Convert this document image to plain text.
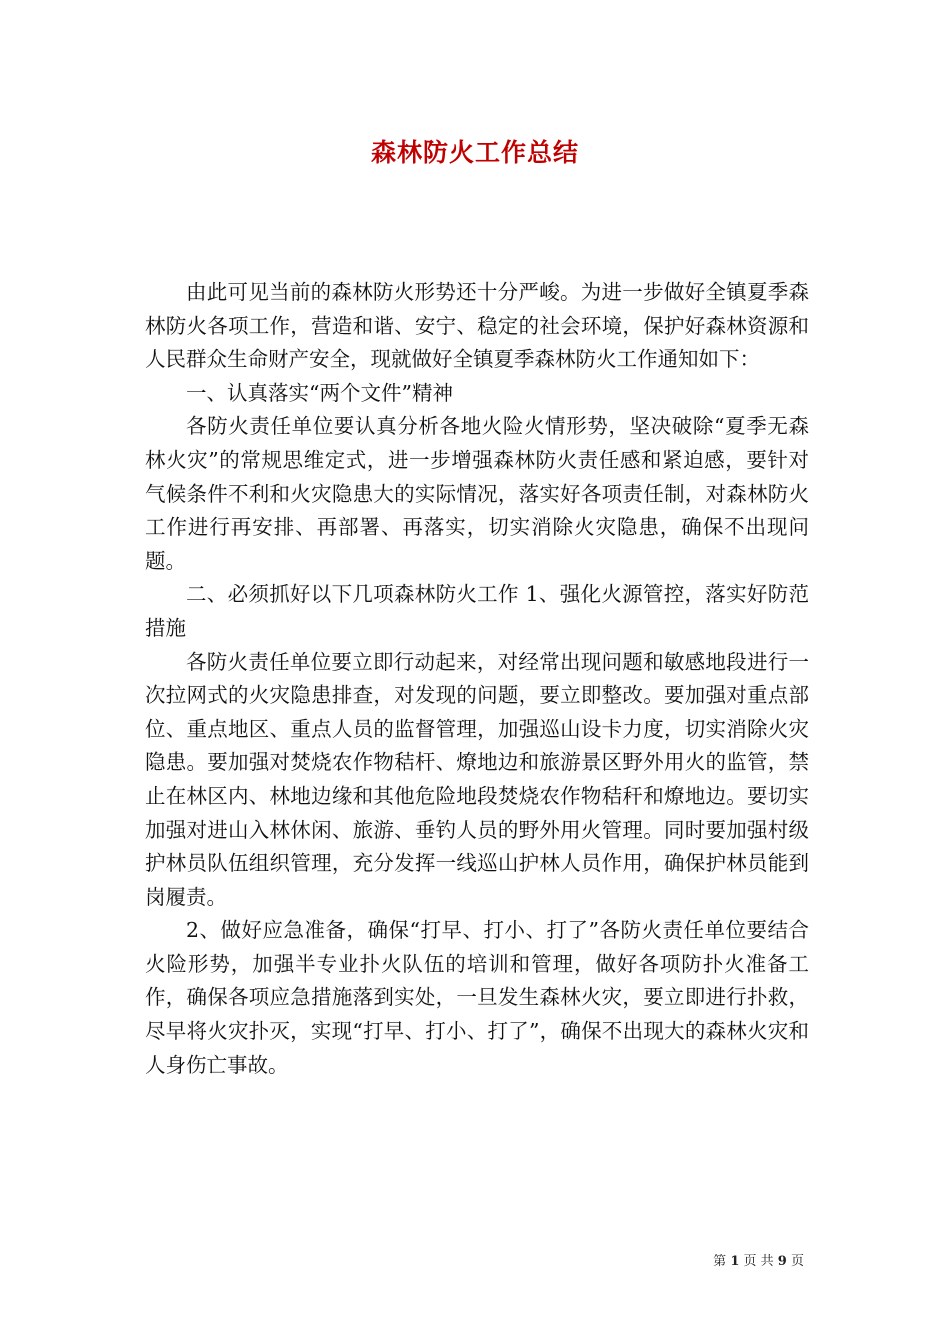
森林防火工作总结

由此可见当前的森林防火形势还十分严峻。为进一步做好全镇夏季森林防火各项工作，营造和谐、安宁、稳定的社会环境，保护好森林资源和人民群众生命财产安全，现就做好全镇夏季森林防火工作通知如下：

一、认真落实“两个文件”精神

各防火责任单位要认真分析各地火险火情形势，坚决破除“夏季无森林火灾”的常规思维定式，进一步增强森林防火责任感和紧迫感，要针对气候条件不利和火灾隐患大的实际情况，落实好各项责任制，对森林防火工作进行再安排、再部署、再落实，切实消除火灾隐患，确保不出现问题。

二、必须抓好以下几项森林防火工作 1、强化火源管控，落实好防范措施

各防火责任单位要立即行动起来，对经常出现问题和敏感地段进行一次拉网式的火灾隐患排查，对发现的问题，要立即整改。要加强对重点部位、重点地区、重点人员的监督管理，加强巡山设卡力度，切实消除火灾隐患。要加强对焚烧农作物秸杆、燎地边和旅游景区野外用火的监管，禁止在林区内、林地边缘和其他危险地段焚烧农作物秸秆和燎地边。要切实加强对进山入林休闲、旅游、垂钓人员的野外用火管理。同时要加强村级护林员队伍组织管理，充分发挥一线巡山护林人员作用，确保护林员能到岗履责。

2、做好应急准备，确保“打早、打小、打了”各防火责任单位要结合火险形势，加强半专业扑火队伍的培训和管理，做好各项防扑火准备工作，确保各项应急措施落到实处，一旦发生森林火灾，要立即进行扑救，尽早将火灾扑灭，实现“打早、打小、打了”，确保不出现大的森林火灾和人身伤亡事故。

第 1 页 共 9 页
